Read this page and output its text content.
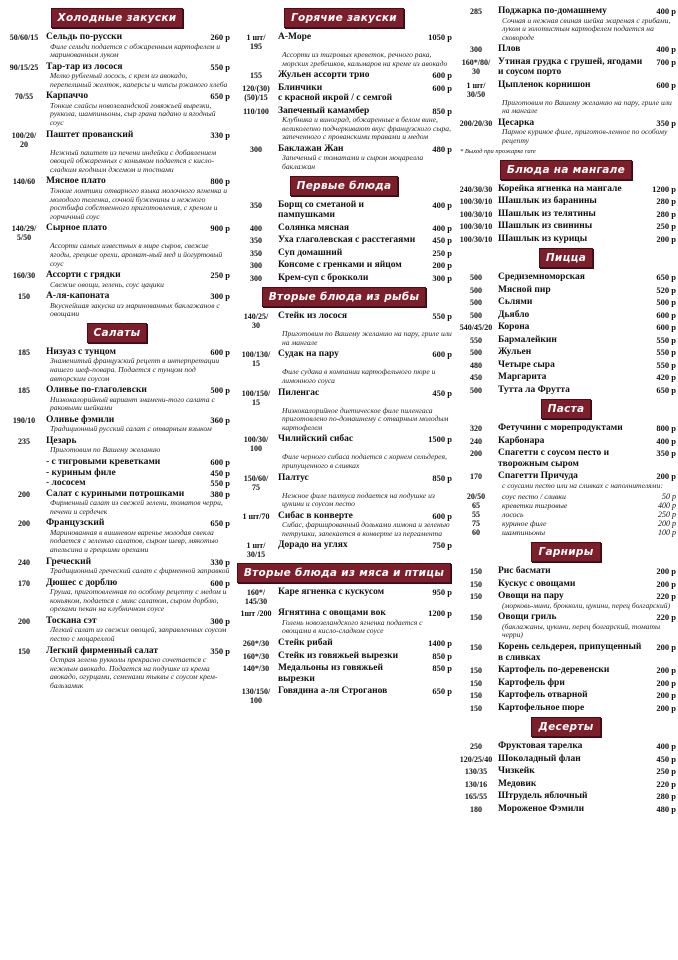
Холодные закуски
50/60/15 Сельдь по-русски	260 р
Филе сельди подается с обжаренным картофелем и маринованным луком
90/15/25 Тар-тар из лосося	550 р
Мелко рубленый лосось, с крем из авокадо, перепелиный желток, каперсы и чипсы ржаного хлеба
70/55	Карпаччо	650 р
Тонкие слайсы новозеландской говяжьей вырезки, руккола, шампиньоны, сыр грана падано и ягодный соус
100/20/
20
Паштет прованский	330 р
Нежный паштет из печени индейки с добавлением овощей обжаренных с коньяком подается с кисло-сладким ягодным джемом и тостами
140/60	Мясное плато	800 р
Тонкие ломтики отварного языка молочного ягненка и молодого теленка, сочной буженины и нежного ростбифа собственного приготовления, с хреном и горчичный соус
140/29/
5/50
Сырное плато	900 р
Ассорти самых известных в мире сыров, свежие ягоды, грецкие орехи, аромат-ный мед и йогуртовый соус
160/30	Ассорти с грядки	250 р
Свежие овощи, зелень, соус цацики
150	А-ля-капоната	300 р
Вкуснейшая закуска из маринованных баклажанов с овощами
Салаты
185	Низуаз с тунцом	600 р
Знаменитый французский рецепт в интерпретации нашего шеф-повара. Подается с тунцом под авторским соусом
185	Оливье по-глаголевски	500 р
Низкокалорийный вариант знамени-того салата с раковыми шейками
190/10	Оливье фэмили	360 р
Традиционный русский салат с отварным языком
235	Цезарь
Приготовим по Вашему желанию
- с тигровыми креветками	600 р
- куриным филе	450 р
- лососем	550 р
200	Салат с куриными потрошками	380 р
Фирменный салат из свежей зелени, томатов черри, печени и сердечек
200	Французский	650 р
Маринованная в вишневом варенье молодая свекла подается с зеленью салатов, сыром шевр, мякотью апельсина и грецкими орехами
240	Греческий	330 р
Традиционный греческий салат с фирменной заправкой
170	Дюшес с дорблю	600 р
Груша, приготовленная по особому рецепту с медом и коньяком, подается с микс салатом, сыром дорблю, орехами пекан на клубничном соусе
200	Тоскана сэт	300 р
Легкий салат из свежих овощей, заправленных соусом песто с моцареллой
150	Легкий фирменный салат	350 р
Острая зелень рукколы прекрасно сочетается с нежным авокадо. Подается на подушке из крема авокадо, огурцами, семенами тыквы с соусом крем-бальзамик
Горячие закуски
1 шт/
195
А-Море	1050 р
Ассорти из тигровых креветок, речного рака, морских гребешков, кальмаров на креме из авокадо
155	Жульен ассорти трио	600 р
120/(30)
(50)/15
Блинчики
с красной икрой / с семгой
600 р
110/100 Запеченый камамбер	850 р
Клубника и виноград, обжаренные в белом вине, великолепно подчеркивают вкус французского сыра, запеченного с прованскими травами и медом
300	Баклажан Жан	480 р
Запеченый с томатами и сыром моцарелла баклажан
Первые блюда
350	Борщ со сметаной и пампушками
400 р
400	Солянка мясная	400 р
350	Уха глаголевская с расстегаями	450 р
350	Суп домашний	250 р
300	Консоме с гренками и яйцом	200 р
300	Крем-суп с брокколи	300 р
Вторые блюда из рыбы
140/25/
30
Стейк из лосося	550 р
Приготовим по Вашему желанию на пару, гриле или на мангале
100/130/
15
Судак на пару	600 р
Филе судака в компании картофельного пюре и лимонного соуса
100/150/
15
Пиленгас	450 р
Низкокалорийное диетическое филе пиленгаса приготовлено по-домашнему с отварным молодым картофелем
100/30/
100
Чилийский сибас	1500 р
Филе черного сибаса подается с корнем сельдерея, припущенного в сливках
150/60/
75
Палтус	850 р
Нежное филе палтуса подается на подушке из цукини и соусом песто
1 шт/70 Сибас в конверте	600 р
Сибас, фаршированный дольками лимона и зеленью петрушки, запекается в конверте из пергамента
1 шт/
30/15
Дорадо на углях	750 р
Вторые блюда из мяса и птицы
160*/
145/30
Каре ягненка с кускусом	950 р
1шт /200 Ягнятина с овощами вок	1200 р
Голень новозеландского ягненка подается с овощами в кисло-сладком соусе
260*/30 Стейк рибай	1400 р
160*/30 Стейк из говяжьей вырезки	850 р
140*/30 Медальоны из говяжьей вырезки
850 р
130/150/
100
Говядина а-ля Строганов	650 р
285	Поджарка по-домашнему	400 р
Сочная и нежная свиная шейка жареная с грибами, луком и золотистым картофелем подается на сковороде
300	Плов	400 р
160*/80/
30
Утиная грудка с грушей, ягодами и соусом порто
700 р
1 шт/
30/50
Цыпленок корнишон	600 р
Приготовим по Вашему желанию на пару, гриле или на мангале
200/20/30 Цесарка	350 р
Парное куриное филе, приготов-ленное по особому рецепту
* Выход при прожарке rare
Блюда на мангале
240/30/30 Корейка ягненка на мангале	1200 р
100/30/10 Шашлык из баранины	280 р
100/30/10 Шашлык из телятины	280 р
100/30/10 Шашлык из свинины	250 р
100/30/10 Шашлык из курицы	200 р
Пицца
500	Средиземноморская	650 р
500	Мясной пир	520 р
500	Сьлями	500 р
500	Дьябло	600 р
540/45/20 Корона	600 р
550	Бармалейкин	550 р
500	Жульен	550 р
480	Четыре сыра	550 р
450	Маргарита	420 р
500	Тутта ла Фрутта	650 р
Паста
320	Фетучини с морепродуктами	800 р
240	Карбонара	400 р
200	Спагетти с соусом песто и творожным сыром
350 р
170	Спагетти Причуда	200 р
с соусами песто или на сливках с наполнителями:
20/50	соус песто / сливки	50 р
65	креветки тигровые	400 р
55	лосось	250 р
75	куриное филе	200 р
60	шампиньоны	100 р
Гарниры
150	Рис басмати	200 р
150	Кускус с овощами	200 р
150	Овощи на пару	220 р
(морковь-мини, брокколи, цукини, перец болгарский)
150	Овощи гриль	220 р
(баклажаны, цукини, перец болгарский, томаты черри)
150	Корень сельдерея, припущенный в сливках
200 р
150	Картофель по-деревенски	200 р
150	Картофель фри	200 р
150	Картофель отварной	200 р
150	Картофельное пюре	200 р
Десерты
250	Фруктовая тарелка	400 р
120/25/40 Шоколадный флан	450 р
130/35	Чизкейк	250 р
130/16	Медовик	220 р
165/55	Штрудель яблочный	280 р
180	Мороженое Фэмили	480 р
